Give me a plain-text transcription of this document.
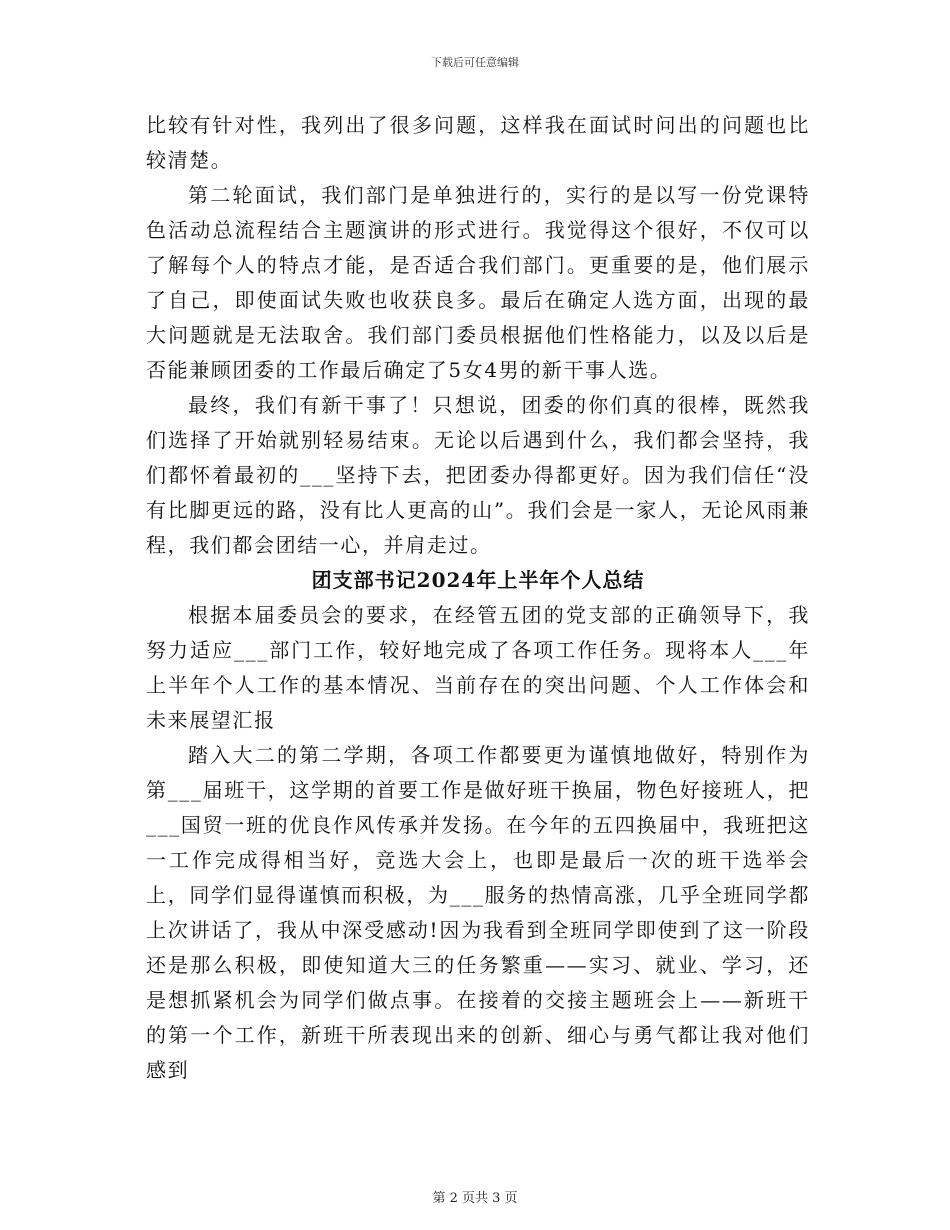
下载后可任意编辑

比较有针对性，我列出了很多问题，这样我在面试时问出的问题也比较清楚。

第二轮面试，我们部门是单独进行的，实行的是以写一份党课特色活动总流程结合主题演讲的形式进行。我觉得这个很好，不仅可以了解每个人的特点才能，是否适合我们部门。更重要的是，他们展示了自己，即使面试失败也收获良多。最后在确定人选方面，出现的最大问题就是无法取舍。我们部门委员根据他们性格能力，以及以后是否能兼顾团委的工作最后确定了5女4男的新干事人选。

最终，我们有新干事了！只想说，团委的你们真的很棒，既然我们选择了开始就别轻易结束。无论以后遇到什么，我们都会坚持，我们都怀着最初的___坚持下去，把团委办得都更好。因为我们信任“没有比脚更远的路，没有比人更高的山”。我们会是一家人，无论风雨兼程，我们都会团结一心，并肩走过。

团支部书记2024年上半年个人总结

根据本届委员会的要求，在经管五团的党支部的正确领导下，我努力适应___部门工作，较好地完成了各项工作任务。现将本人___年上半年个人工作的基本情况、当前存在的突出问题、个人工作体会和未来展望汇报

踏入大二的第二学期，各项工作都要更为谨慎地做好，特别作为第___届班干，这学期的首要工作是做好班干换届，物色好接班人，把___国贸一班的优良作风传承并发扬。在今年的五四换届中，我班把这一工作完成得相当好，竞选大会上，也即是最后一次的班干选举会上，同学们显得谨慎而积极，为___服务的热情高涨，几乎全班同学都上次讲话了，我从中深受感动!因为我看到全班同学即使到了这一阶段还是那么积极，即使知道大三的任务繁重——实习、就业、学习，还是想抓紧机会为同学们做点事。在接着的交接主题班会上——新班干的第一个工作，新班干所表现出来的创新、细心与勇气都让我对他们感到

第 2 页共 3 页
